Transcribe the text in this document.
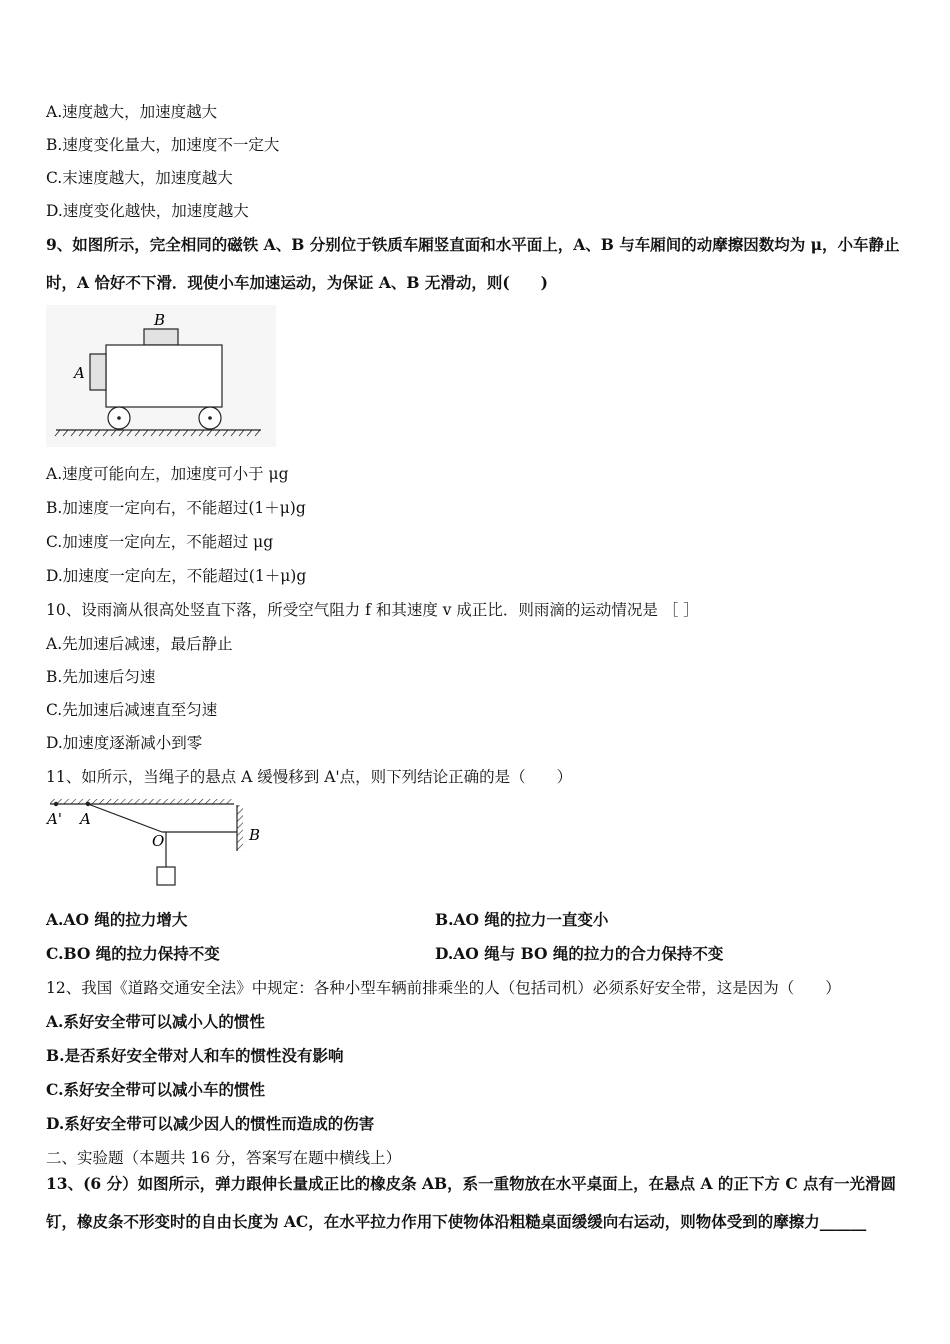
A.速度越大，加速度越大
B.速度变化量大，加速度不一定大
C.末速度越大，加速度越大
D.速度变化越快，加速度越大
9、如图所示，完全相同的磁铁 A、B 分别位于铁质车厢竖直面和水平面上，A、B 与车厢间的动摩擦因数均为 μ，小车静止
时，A 恰好不下滑．现使小车加速运动，为保证 A、B 无滑动，则(　　)
B
A
A.速度可能向左，加速度可小于 μg
B.加速度一定向右，不能超过(1＋μ)g
C.加速度一定向左，不能超过 μg
D.加速度一定向左，不能超过(1＋μ)g
10、设雨滴从很高处竖直下落，所受空气阻力 f 和其速度 v 成正比．则雨滴的运动情况是 ［ ］
A.先加速后减速，最后静止
B.先加速后匀速
C.先加速后减速直至匀速
D.加速度逐渐减小到零
11、如所示，当绳子的悬点 A 缓慢移到 A'点，则下列结论正确的是（　　）
A' A
O	B
A.AO 绳的拉力增大	B.AO 绳的拉力一直变小
C.BO 绳的拉力保持不变	D.AO 绳与 BO 绳的拉力的合力保持不变
12、我国《道路交通安全法》中规定：各种小型车辆前排乘坐的人（包括司机）必须系好安全带，这是因为（　　）
A.系好安全带可以减小人的惯性
B.是否系好安全带对人和车的惯性没有影响
C.系好安全带可以减小车的惯性
D.系好安全带可以减少因人的惯性而造成的伤害
二、实验题（本题共 16 分，答案写在题中横线上）
13、(6 分）如图所示，弹力跟伸长量成正比的橡皮条 AB，系一重物放在水平桌面上，在悬点 A 的正下方 C 点有一光滑圆
钉，橡皮条不形变时的自由长度为 AC，在水平拉力作用下使物体沿粗糙桌面缓缓向右运动，则物体受到的摩擦力______
